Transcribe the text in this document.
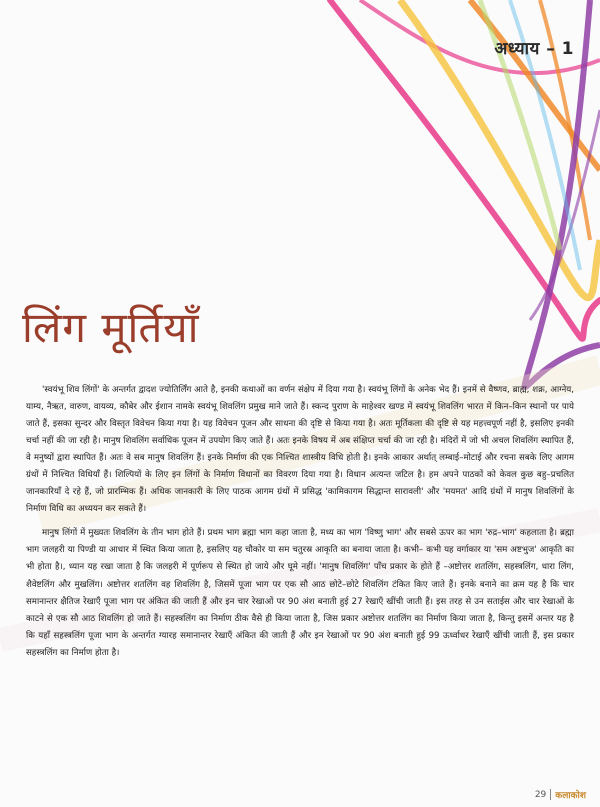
अध्याय – 1
लिंग मूर्तियाँ

'स्वयंभू शिव लिंगों' के अन्तर्गत द्वादश ज्योतिर्लिंग आते है, इनकी कथाओं का वर्णन संक्षेप में दिया गया है। स्वयंभू लिंगों के अनेक भेद हैं। इनमें से वैष्णव, ब्राह्म, शक्र, आग्नेय, याम्य, नैऋत, वारुण, वायव्य, कौबेर और ईशान नामके स्वयंभू शिवलिंग प्रमुख माने जाते हैं। स्कन्द पुराण के माहेश्वर खण्ड में स्वयंभू शिवलिंग भारत में किन–किन स्थानों पर पाये जाते हैं, इसका सुन्दर और विस्तृत विवेचन किया गया है। यह विवेचन पूजन और साधना की दृष्टि से किया गया है। अतः मूर्तिकला की दृष्टि से यह महत्त्वपूर्ण नहीं है, इसलिए इनकी चर्चा नहीं की जा रही है। मानुष शिवलिंग सर्वाधिक पूजन में उपयोग किए जाते हैं। अतः इनके विषय में अब संक्षिप्त चर्चा की जा रही है। मंदिरों में जो भी अचल शिवलिंग स्थापित हैं, वे मनुष्यों द्वारा स्थापित हैं। अतः वे सब मानुष शिवलिंग हैं। इनके निर्माण की एक निश्चित शास्त्रीय विधि होती है। इनके आकार अर्थात् लम्बाई–मोटाई और रचना सबके लिए आगम ग्रंथों में निश्चित विधियाँ हैं। शिल्पियों के लिए इन लिंगों के निर्माण विधानों का विवरण दिया गया है। विधान अत्यन्त जटिल है। हम अपने पाठकों को केवल कुछ बहु–प्रचलित जानकारियाँ दे रहे हैं, जो प्रारम्भिक हैं। अधिक जानकारी के लिए पाठक आगम ग्रंथों में प्रसिद्ध 'कामिकागम सिद्धान्त सारावली' और 'मयमत' आदि ग्रंथों में मानुष शिवलिंगों के निर्माण विधि का अध्ययन कर सकते हैं।

मानुष लिंगों में मुख्यतः शिवलिंग के तीन भाग होते हैं। प्रथम भाग ब्रह्मा भाग कहा जाता है, मध्य का भाग 'विष्णु भाग' और सबसे ऊपर का भाग 'रुद्र–भाग' कहलाता है। ब्रह्मा भाग जलहरी या पिण्डी या आधार में स्थित किया जाता है, इसलिए यह चौकोर या सम चतुरस्र आकृति का बनाया जाता है। कभी– कभी यह वर्गाकार या 'सम अष्टभुज' आकृति का भी होता है।, ध्यान यह रखा जाता है कि जलहरी में पूर्णरूप से स्थित हो जाये और घूमे नहीं। 'मानुष शिवलिंग' पाँच प्रकार के होते हैं –अष्टोत्तर शतलिंग, सहस्त्रलिंग, धारा लिंग, शैवेष्टलिंग और मुखलिंग। अष्टोत्तर शतलिंग वह शिवलिंग है, जिसमें पूजा भाग पर एक सौ आठ छोटे–छोटे शिवलिंग टंकित किए जाते हैं। इनके बनाने का क्रम यह है कि चार समानान्तर क्षैतिज रेखाएँ पूजा भाग पर अंकित की जाती हैं और इन चार रेखाओं पर 90 अंश बनाती हुई 27 रेखाएँ खींची जाती हैं। इस तरह से उन सताईस और चार रेखाओं के काटने से एक सौ आठ शिवलिंग हो जाते हैं। सहस्त्रलिंग का निर्माण ठीक वैसे ही किया जाता है, जिस प्रकार अष्टोत्तर शतलिंग का निर्माण किया जाता है, किन्तु इसमें अन्तर यह है कि यहाँ सहस्त्रलिंग पूजा भाग के अन्तर्गत ग्यारह समानान्तर रेखाएँ अंकित की जाती हैं और इन रेखाओं पर 90 अंश बनाती हुई 99 ऊर्ध्वाधर रेखाएँ खींची जाती हैं, इस प्रकार सहस्त्रलिंग का निर्माण होता है।

29 कलाकोश
